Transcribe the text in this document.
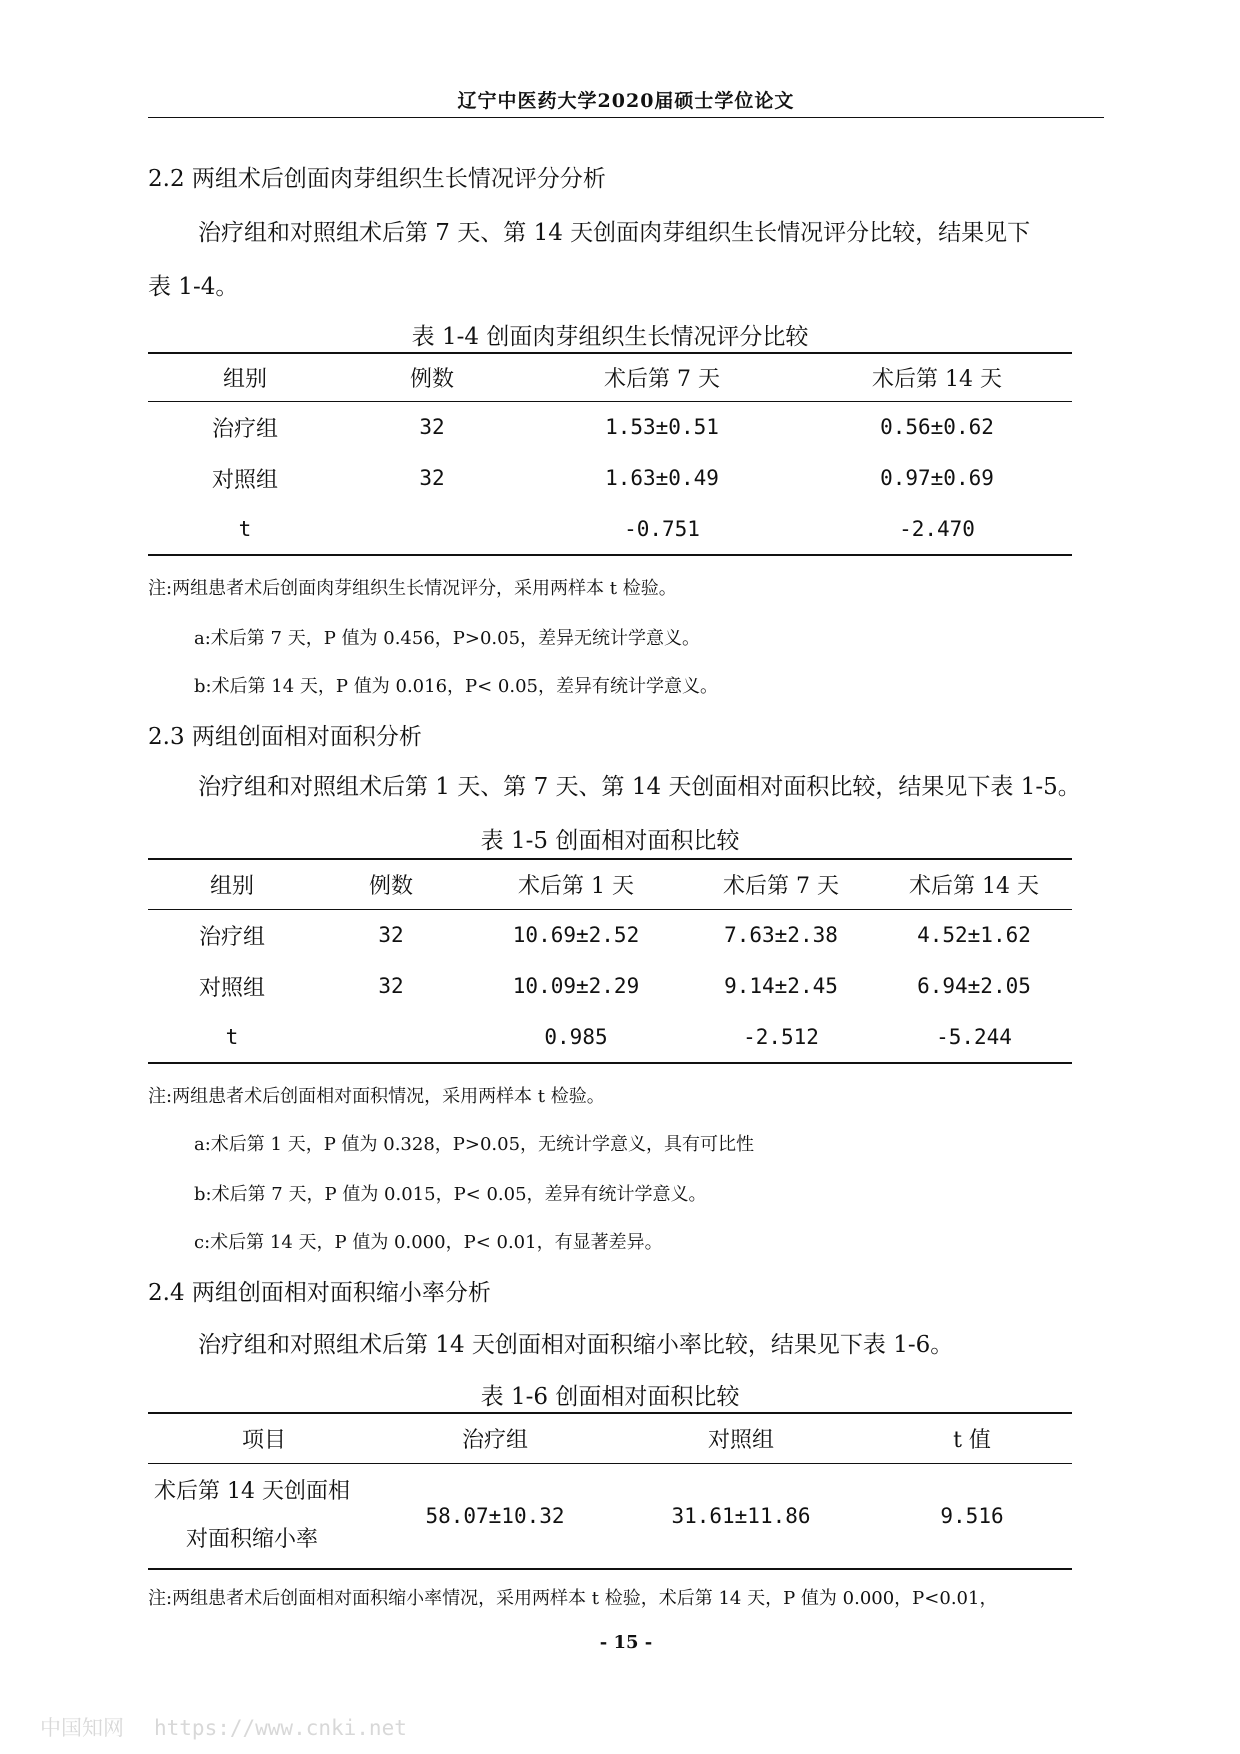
辽宁中医药大学2020届硕士学位论文
2.2 两组术后创面肉芽组织生长情况评分分析
治疗组和对照组术后第 7 天、第 14 天创面肉芽组织生长情况评分比较，结果见下
表 1-4。
表 1-4 创面肉芽组织生长情况评分比较
组别	例数	术后第 7 天	术后第 14 天
治疗组	32	1.53±0.51	0.56±0.62
对照组	32	1.63±0.49	0.97±0.69
t		-0.751	-2.470
注:两组患者术后创面肉芽组织生长情况评分，采用两样本 t 检验。
a:术后第 7 天，P 值为 0.456，P>0.05，差异无统计学意义。
b:术后第 14 天，P 值为 0.016，P< 0.05，差异有统计学意义。
2.3 两组创面相对面积分析
治疗组和对照组术后第 1 天、第 7 天、第 14 天创面相对面积比较，结果见下表 1-5。
表 1-5 创面相对面积比较
组别	例数	术后第 1 天	术后第 7 天	术后第 14 天
治疗组	32	10.69±2.52	7.63±2.38	4.52±1.62
对照组	32	10.09±2.29	9.14±2.45	6.94±2.05
t		0.985	-2.512	-5.244
注:两组患者术后创面相对面积情况，采用两样本 t 检验。
a:术后第 1 天，P 值为 0.328，P>0.05，无统计学意义，具有可比性
b:术后第 7 天，P 值为 0.015，P< 0.05，差异有统计学意义。
c:术后第 14 天，P 值为 0.000，P< 0.01，有显著差异。
2.4 两组创面相对面积缩小率分析
治疗组和对照组术后第 14 天创面相对面积缩小率比较，结果见下表 1-6。
表 1-6 创面相对面积比较
项目	治疗组	对照组	t 值

术后第 14 天创面相
对面积缩小率	58.07±10.32	31.61±11.86	9.516
注:两组患者术后创面相对面积缩小率情况，采用两样本 t 检验，术后第 14 天，P 值为 0.000，P<0.01，
- 15 -
中国知网 https://www.cnki.net
